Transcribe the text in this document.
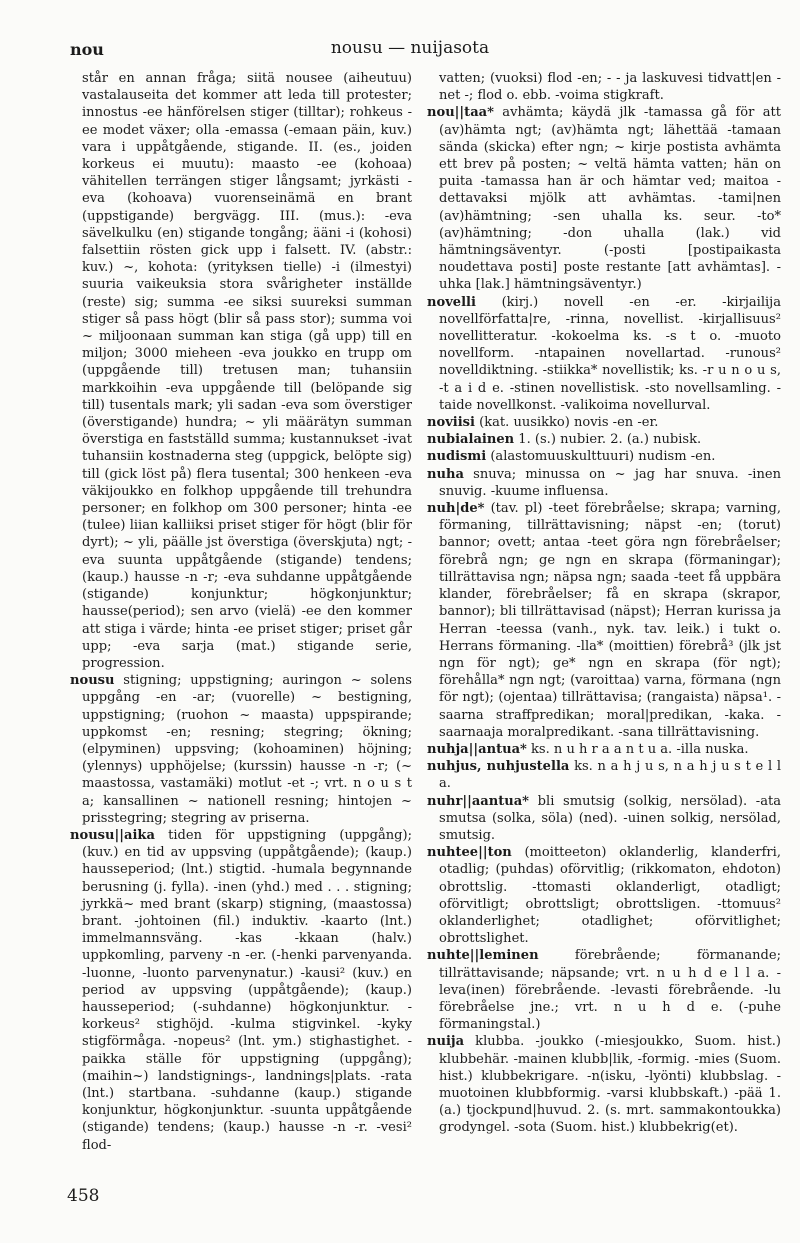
nou	nousu — nuijasota

står en annan fråga; siitä nousee (aiheutuu) vastalauseita det kommer att leda till protester; innostus -ee hänförelsen stiger (tilltar); rohkeus -ee modet växer; olla -emassa (-emaan päin, kuv.) vara i uppåtgående, stigande. II. (es., joiden korkeus ei muutu): maasto -ee (kohoaa) vähitellen terrängen stiger långsamt; jyrkästi -eva (kohoava) vuorenseinämä en brant (uppstigande) bergvägg. III. (mus.): -eva sävelkulku (en) stigande tongång; ääni -i (kohosi) falsettiin rösten gick upp i falsett. IV. (abstr.: kuv.) ~, kohota: (yrityksen tielle) -i (ilmestyi) suuria vaikeuksia stora svårigheter inställde (reste) sig; summa -ee siksi suureksi summan stiger så pass högt (blir så pass stor); summa voi ~ miljoonaan summan kan stiga (gå upp) till en miljon; 3000 mieheen -eva joukko en trupp om (uppgående till) tretusen man; tuhansiin markkoihin -eva uppgående till (belöpande sig till) tusentals mark; yli sadan -eva som överstiger (överstigande) hundra; ~ yli määrätyn summan överstiga en fastställd summa; kustannukset -ivat tuhansiin kostnaderna steg (uppgick, belöpte sig) till (gick löst på) flera tusental; 300 henkeen -eva väkijoukko en folkhop uppgående till trehundra personer; en folkhop om 300 personer; hinta -ee (tulee) liian kalliiksi priset stiger för högt (blir för dyrt); ~ yli, päälle jst överstiga (överskjuta) ngt; -eva suunta uppåtgående (stigande) tendens; (kaup.) hausse -n -r; -eva suhdanne uppåtgående (stigande) konjunktur; högkonjunktur; hausse(period); sen arvo (vielä) -ee den kommer att stiga i värde; hinta -ee priset stiger; priset går upp; -eva sarja (mat.) stigande serie, progression.

nousu stigning; uppstigning; auringon ~ solens uppgång -en -ar; (vuorelle) ~ bestigning, uppstigning; (ruohon ~ maasta) uppspirande; uppkomst -en; resning; stegring; ökning; (elpyminen) uppsving; (kohoaminen) höjning; (ylennys) upphöjelse; (kurssin) hausse -n -r; (~ maastossa, vastamäki) motlut -et -; vrt. n o u s t a; kansallinen ~ nationell resning; hintojen ~ prisstegring; stegring av priserna.

nousu||aika tiden för uppstigning (uppgång); (kuv.) en tid av uppsving (uppåtgående); (kaup.) hausseperiod; (lnt.) stigtid. -humala begynnande berusning (j. fylla). -inen (yhd.) med . . . stigning; jyrkkä~ med brant (skarp) stigning, (maastossa) brant. -johtoinen (fil.) induktiv. -kaarto (lnt.) immelmannsväng. -kas -kkaan (halv.) uppkomling, parveny -n -er. (-henki parvenyanda. -luonne, -luonto parvenynatur.) -kausi² (kuv.) en period av uppsving (uppåtgående); (kaup.) hausseperiod; (-suhdanne) högkonjunktur. -korkeus² stighöjd. -kulma stigvinkel. -kyky stigförmåga. -nopeus² (lnt. ym.) stighastighet. -paikka ställe för uppstigning (uppgång); (maihin~) landstignings-, landnings|plats. -rata (lnt.) startbana. -suhdanne (kaup.) stigande konjunktur, högkonjunktur. -suunta uppåtgående (stigande) tendens; (kaup.) hausse -n -r. -vesi² flod-

vatten; (vuoksi) flod -en; - - ja laskuvesi tidvatt|en -net -; flod o. ebb. -voima stigkraft.

nou||taa* avhämta; käydä jlk -tamassa gå för att (av)hämta ngt; (av)hämta ngt; lähettää -tamaan sända (skicka) efter ngn; ~ kirje postista avhämta ett brev på posten; ~ veltä hämta vatten; hän on puita -tamassa han är och hämtar ved; maitoa -dettavaksi mjölk att avhämtas. -tami|nen (av)hämtning; -sen uhalla ks. seur. -to* (av)hämtning; -don uhalla (lak.) vid hämtningsäventyr. (-posti [postipaikasta noudettava posti] poste restante [att avhämtas]. -uhka [lak.] hämtningsäventyr.)

novelli (kirj.) novell -en -er. -kirjailija novellförfatta|re, -rinna, novellist. -kirjallisuus² novellitteratur. -kokoelma ks. -s t o. -muoto novellform. -ntapainen novellartad. -runous² novelldiktning. -stiikka* novellistik; ks. -r u n o u s, -t a i d e. -stinen novellistisk. -sto novellsamling. -taide novellkonst. -valikoima novellurval.

noviisi (kat. uusikko) novis -en -er.

nubialainen 1. (s.) nubier. 2. (a.) nubisk.

nudismi (alastomuuskulttuuri) nudism -en.

nuha snuva; minussa on ~ jag har snuva. -inen snuvig. -kuume influensa.

nuh|de* (tav. pl) -teet förebråelse; skrapa; varning, förmaning, tillrättavisning; näpst -en; (torut) bannor; ovett; antaa -teet göra ngn förebråelser; förebrå ngn; ge ngn en skrapa (förmaningar); tillrättavisa ngn; näpsa ngn; saada -teet få uppbära klander, förebråelser; få en skrapa (skrapor, bannor); bli tillrättavisad (näpst); Herran kurissa ja Herran -teessa (vanh., nyk. tav. leik.) i tukt o. Herrans förmaning. -lla* (moittien) förebrå³ (jlk jst ngn för ngt); ge* ngn en skrapa (för ngt); förehålla* ngn ngt; (varoittaa) varna, förmana (ngn för ngt); (ojentaa) tillrättavisa; (rangaista) näpsa¹. -saarna straffpredikan; moral|predikan, -kaka. -saarnaaja moralpredikant. -sana tillrättavisning.

nuhja||antua* ks. n u h r a a n t u a. -illa nuska.

nuhjus, nuhjustella ks. n a h j u s, n a h j u s t e l l a.

nuhr||aantua* bli smutsig (solkig, nersölad). -ata smutsa (solka, söla) (ned). -uinen solkig, nersölad, smutsig.

nuhtee||ton (moitteeton) oklanderlig, klanderfri, otadlig; (puhdas) oförvitlig; (rikkomaton, ehdoton) obrottslig. -ttomasti oklanderligt, otadligt; oförvitligt; obrottsligt; obrottsligen. -ttomuus² oklanderlighet; otadlighet; oförvitlighet; obrottslighet.

nuhte||leminen förebrående; förmanande; tillrättavisande; näpsande; vrt. n u h d e l l a. -leva(inen) förebrående. -levasti förebrående. -lu förebråelse jne.; vrt. n u h d e. (-puhe förmaningstal.)

nuija klubba. -joukko (-miesjoukko, Suom. hist.) klubbehär. -mainen klubb|lik, -formig. -mies (Suom. hist.) klubbekrigare. -n(isku, -lyönti) klubbslag. -muotoinen klubbformig. -varsi klubbskaft.) -pää 1. (a.) tjockpund|huvud. 2. (s. mrt. sammakontoukka) grodyngel. -sota (Suom. hist.) klubbekrig(et).

458
